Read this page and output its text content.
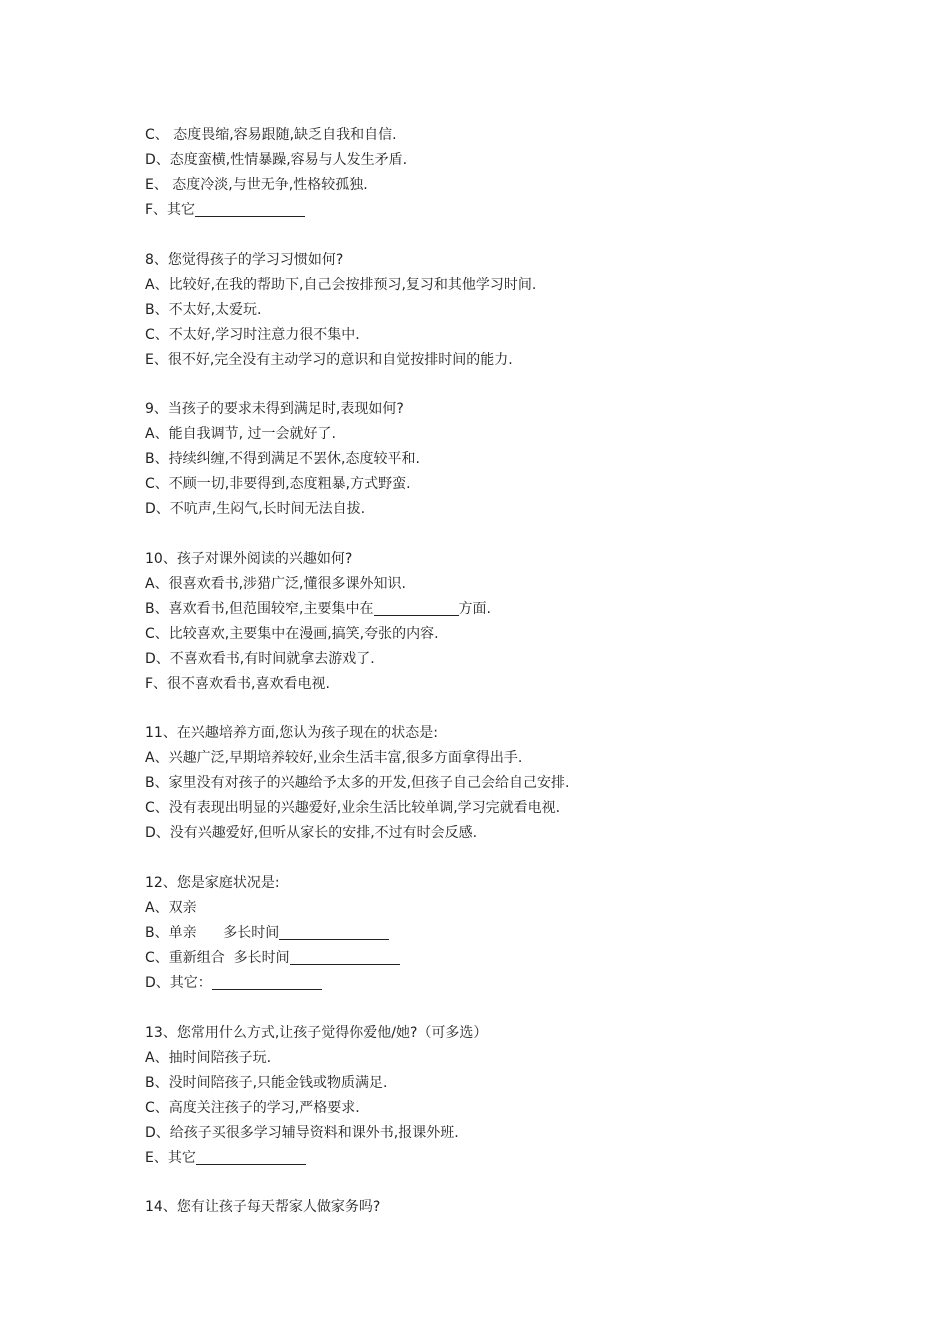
C、 态度畏缩,容易跟随,缺乏自我和自信.
D、态度蛮横,性情暴躁,容易与人发生矛盾.
E、 态度冷淡,与世无争,性格较孤独.
F、其它
8、您觉得孩子的学习习惯如何?
A、比较好,在我的帮助下,自己会按排预习,复习和其他学习时间.
B、不太好,太爱玩.
C、不太好,学习时注意力很不集中.
E、很不好,完全没有主动学习的意识和自觉按排时间的能力.
9、当孩子的要求未得到满足时,表现如何?
A、能自我调节, 过一会就好了.
B、持续纠缠,不得到满足不罢休,态度较平和.
C、不顾一切,非要得到,态度粗暴,方式野蛮.
D、不吭声,生闷气,长时间无法自拔.
10、孩子对课外阅读的兴趣如何?
A、很喜欢看书,涉猎广泛,懂很多课外知识.
B、喜欢看书,但范围较窄,主要集中在	方面.
C、比较喜欢,主要集中在漫画,搞笑,夸张的内容.
D、不喜欢看书,有时间就拿去游戏了.
F、很不喜欢看书,喜欢看电视.
11、在兴趣培养方面,您认为孩子现在的状态是:
A、兴趣广泛,早期培养较好,业余生活丰富,很多方面拿得出手.
B、家里没有对孩子的兴趣给予太多的开发,但孩子自己会给自己安排.
C、没有表现出明显的兴趣爱好,业余生活比较单调,学习完就看电视.
D、没有兴趣爱好,但听从家长的安排,不过有时会反感.
12、您是家庭状况是:
A、双亲
B、单亲      多长时间
C、重新组合  多长时间
D、其它：
13、您常用什么方式,让孩子觉得你爱他/她?（可多选）
A、抽时间陪孩子玩.
B、没时间陪孩子,只能金钱或物质满足.
C、高度关注孩子的学习,严格要求.
D、给孩子买很多学习辅导资料和课外书,报课外班.
E、其它
14、您有让孩子每天帮家人做家务吗?
